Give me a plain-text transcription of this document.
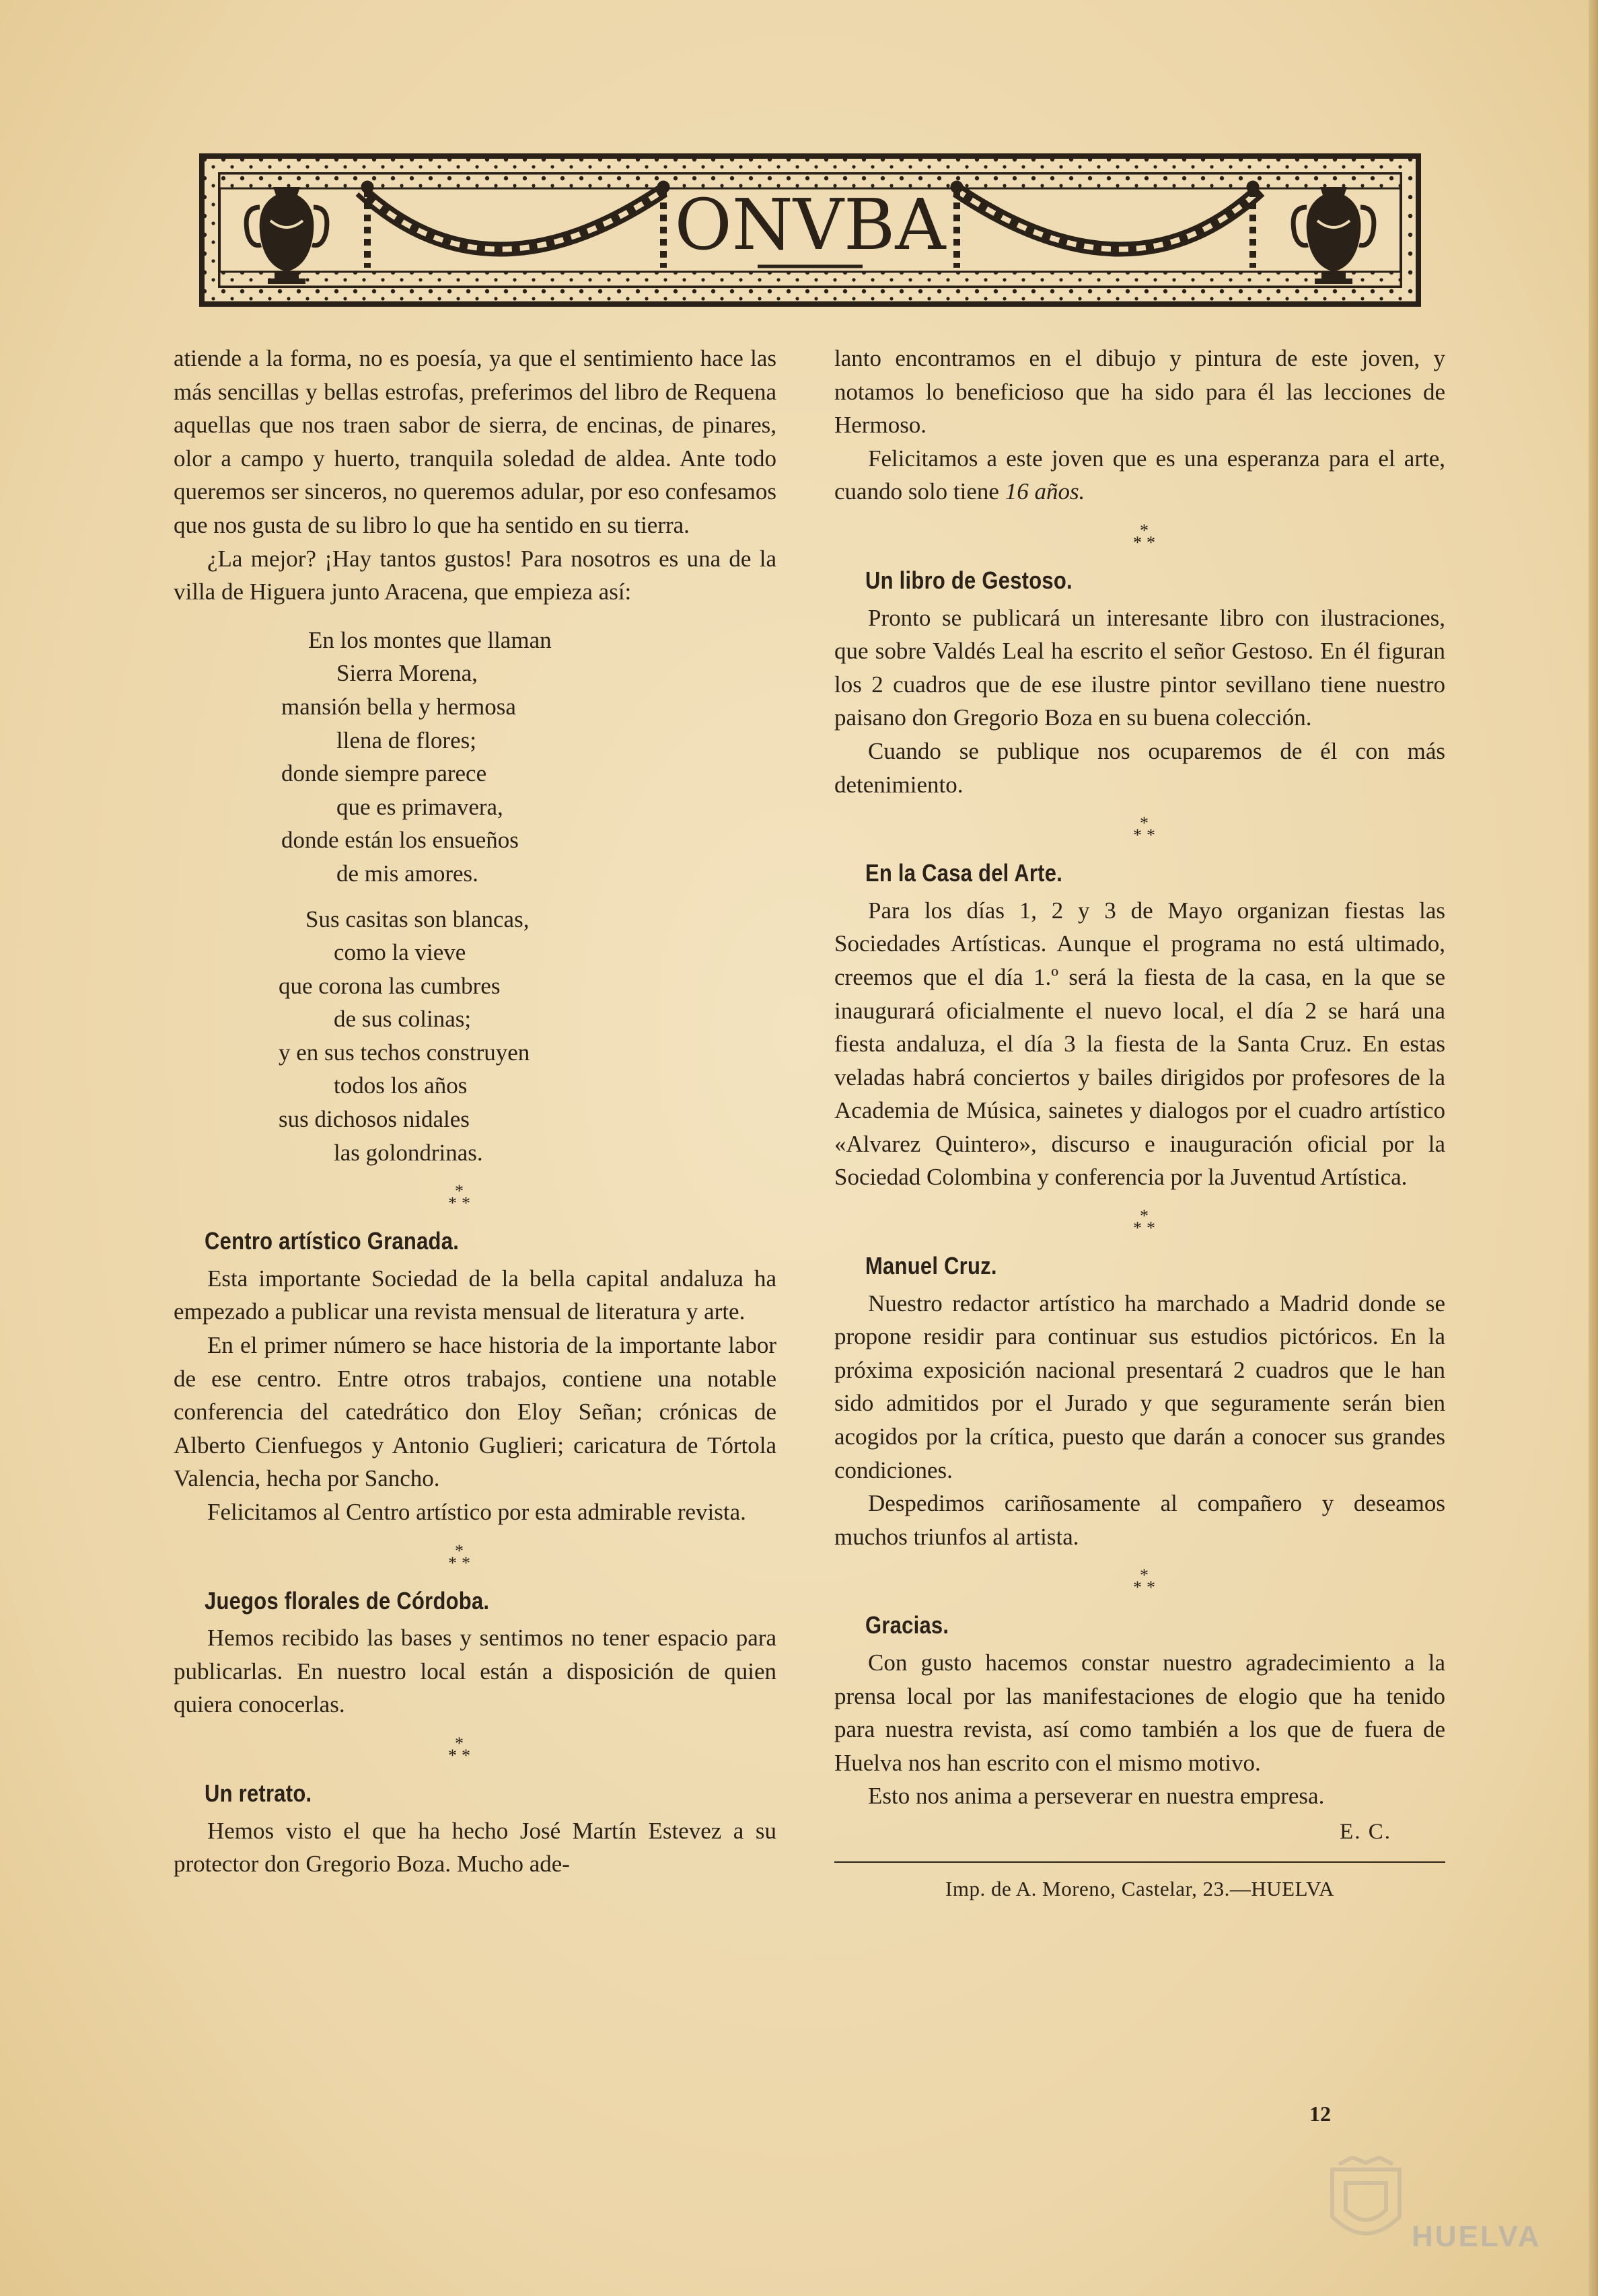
ONVBA

atiende a la forma, no es poesía, ya que el sentimiento hace las más sencillas y bellas estrofas, preferimos del libro de Requena aquellas que nos traen sabor de sierra, de encinas, de pinares, olor a campo y huerto, tranquila soledad de aldea. Ante todo queremos ser sinceros, no queremos adular, por eso confesamos que nos gusta de su libro lo que ha sentido en su tierra.

¿La mejor? ¡Hay tantos gustos! Para nosotros es una de la villa de Higuera junto Aracena, que empieza así:

En los montes que llaman
Sierra Morena,
mansión bella y hermosa
llena de flores;
donde siempre parece
que es primavera,
donde están los ensueños
de mis amores.
Sus casitas son blancas,
como la vieve
que corona las cumbres
de sus colinas;
y en sus techos construyen
todos los años
sus dichosos nidales
las golondrinas.
*
* *
Centro artístico Granada.

Esta importante Sociedad de la bella capital andaluza ha empezado a publicar una revista mensual de literatura y arte.

En el primer número se hace historia de la importante labor de ese centro. Entre otros trabajos, contiene una notable conferencia del catedrático don Eloy Señan; crónicas de Alberto Cienfuegos y Antonio Guglieri; caricatura de Tórtola Valencia, hecha por Sancho.

Felicitamos al Centro artístico por esta admirable revista.

*
* *
Juegos florales de Córdoba.

Hemos recibido las bases y sentimos no tener espacio para publicarlas. En nuestro local están a disposición de quien quiera conocerlas.

*
* *
Un retrato.

Hemos visto el que ha hecho José Martín Estevez a su protector don Gregorio Boza. Mucho ade-

lanto encontramos en el dibujo y pintura de este joven, y notamos lo beneficioso que ha sido para él las lecciones de Hermoso.

Felicitamos a este joven que es una esperanza para el arte, cuando solo tiene 16 años.

*
* *
Un libro de Gestoso.

Pronto se publicará un interesante libro con ilustraciones, que sobre Valdés Leal ha escrito el señor Gestoso. En él figuran los 2 cuadros que de ese ilustre pintor sevillano tiene nuestro paisano don Gregorio Boza en su buena colección.

Cuando se publique nos ocuparemos de él con más detenimiento.

*
* *
En la Casa del Arte.

Para los días 1, 2 y 3 de Mayo organizan fiestas las Sociedades Artísticas. Aunque el programa no está ultimado, creemos que el día 1.º será la fiesta de la casa, en la que se inaugurará oficialmente el nuevo local, el día 2 se hará una fiesta andaluza, el día 3 la fiesta de la Santa Cruz. En estas veladas habrá conciertos y bailes dirigidos por profesores de la Academia de Música, sainetes y dialogos por el cuadro artístico «Alvarez Quintero», discurso e inauguración oficial por la Sociedad Colombina y conferencia por la Juventud Artística.

*
* *
Manuel Cruz.

Nuestro redactor artístico ha marchado a Madrid donde se propone residir para continuar sus estudios pictóricos. En la próxima exposición nacional presentará 2 cuadros que le han sido admitidos por el Jurado y que seguramente serán bien acogidos por la crítica, puesto que darán a conocer sus grandes condiciones.

Despedimos cariñosamente al compañero y deseamos muchos triunfos al artista.

*
* *
Gracias.

Con gusto hacemos constar nuestro agradecimiento a la prensa local por las manifestaciones de elogio que ha tenido para nuestra revista, así como también a los que de fuera de Huelva nos han escrito con el mismo motivo.

Esto nos anima a perseverar en nuestra empresa.

E. C.
Imp. de A. Moreno, Castelar, 23.—HUELVA
12
HUELVA
